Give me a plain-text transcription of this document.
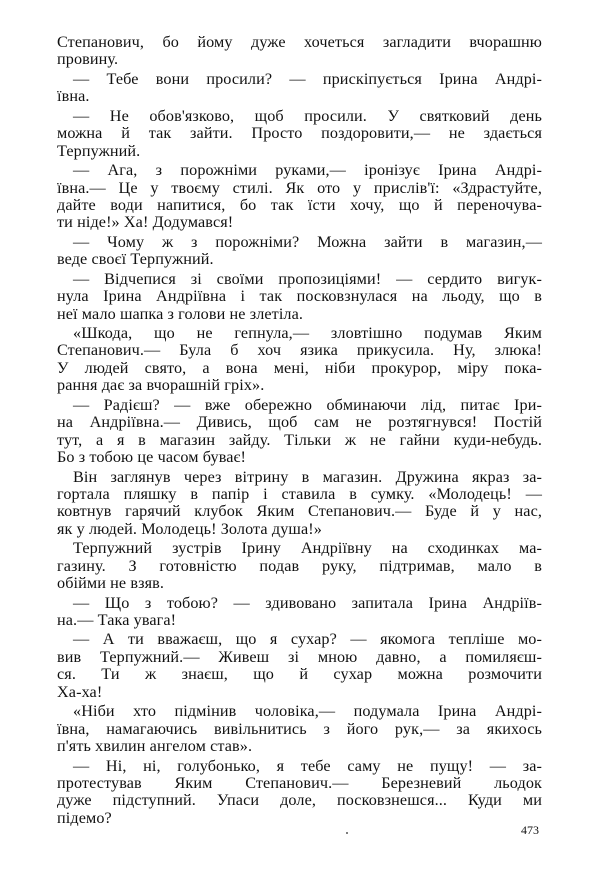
Степанович, бо йому дуже хочеться загладити вчорашню
провину.
— Тебе вони просили? — прискіпується Ірина Андрі-
ївна.
— Не обов'язково, щоб просили. У святковий день
можна й так зайти. Просто поздоровити,— не здається
Терпужний.
— Ага, з порожніми руками,— іронізує Ірина Андрі-
ївна.— Це у твоєму стилі. Як ото у прислів'ї: «Здрастуйте,
дайте води напитися, бо так їсти хочу, що й переночува-
ти ніде!» Ха! Додумався!
— Чому ж з порожніми? Можна зайти в магазин,—
веде своєї Терпужний.
— Відчепися зі своїми пропозиціями! — сердито вигук-
нула Ірина Андріївна і так посковзнулася на льоду, що в
неї мало шапка з голови не злетіла.
«Шкода, що не гепнула,— зловтішно подумав Яким
Степанович.— Була б хоч язика прикусила. Ну, злюка!
У людей свято, а вона мені, ніби прокурор, міру пока-
рання дає за вчорашній гріх».
— Радієш? — вже обережно обминаючи лід, питає Іри-
на Андріївна.— Дивись, щоб сам не розтягнувся! Постій
тут, а я в магазин зайду. Тільки ж не гайни куди-небудь.
Бо з тобою це часом буває!
Він заглянув через вітрину в магазин. Дружина якраз за-
гортала пляшку в папір і ставила в сумку. «Молодець! —
ковтнув гарячий клубок Яким Степанович.— Буде й у нас,
як у людей. Молодець! Золота душа!»
Терпужний зустрів Ірину Андріївну на сходинках ма-
газину. З готовністю подав руку, підтримав, мало в
обійми не взяв.
— Що з тобою? — здивовано запитала Ірина Андріїв-
на.— Така увага!
— А ти вважаєш, що я сухар? — якомога тепліше мо-
вив Терпужний.— Живеш зі мною давно, а помиляєш-
ся. Ти ж знаєш, що й сухар можна розмочити
Ха-ха!
«Ніби хто підмінив чоловіка,— подумала Ірина Андрі-
ївна, намагаючись вивільнитись з його рук,— за якихось
п'ять хвилин ангелом став».
— Ні, ні, голубонько, я тебе саму не пущу! — за-
протестував Яким Степанович.— Березневий льодок
дуже підступний. Упаси доле, посковзнешся... Куди ми
підемо?
473
